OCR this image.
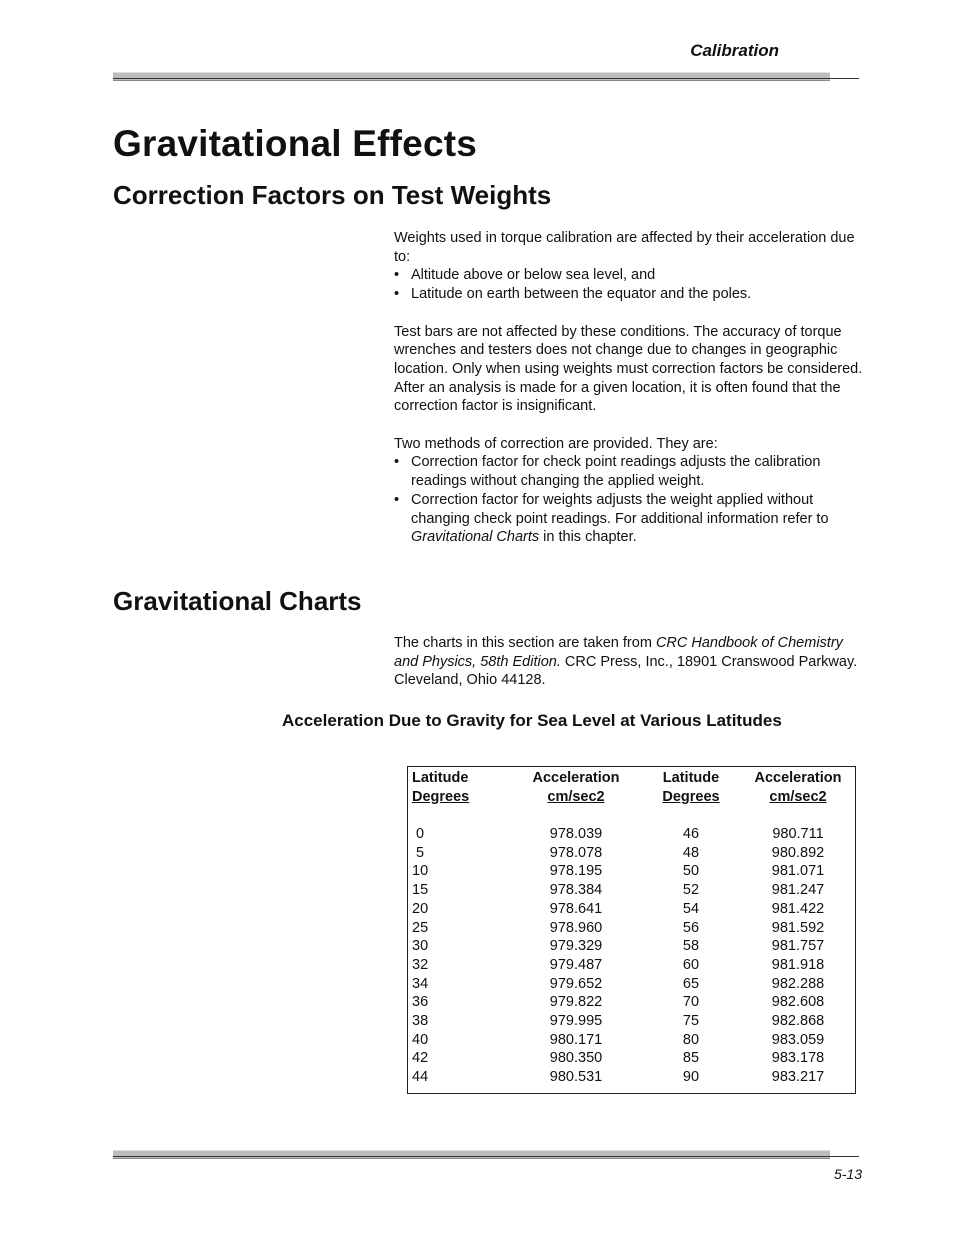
Calibration
Gravitational Effects
Correction Factors on Test Weights

Weights used in torque calibration are affected by their acceleration due to:

• Altitude above or below sea level, and
• Latitude on earth between the equator and the poles.

Test bars are not affected by these conditions. The accuracy of torque wrenches and testers does not change due to changes in geographic location. Only when using weights must correction factors be considered. After an analysis is made for a given location, it is often found that the correction factor is insignificant.

Two methods of correction are provided. They are:

• Correction factor for check point readings adjusts the calibration readings without changing the applied weight.
• Correction factor for weights adjusts the weight applied without changing check point readings. For additional information refer to Gravitational Charts in this chapter.
Gravitational Charts

The charts in this section are taken from CRC Handbook of Chemistry and Physics, 58th Edition. CRC Press, Inc., 18901 Cranswood Parkway. Cleveland, Ohio 44128.

Acceleration Due to Gravity for Sea Level at Various Latitudes
Latitude
Degrees
0
5
10
15
20
25
30
32
34
36
38
40
42
44
Acceleration
cm/sec2
978.039
978.078
978.195
978.384
978.641
978.960
979.329
979.487
979.652
979.822
979.995
980.171
980.350
980.531
Latitude
Degrees
46
48
50
52
54
56
58
60
65
70
75
80
85
90
Acceleration
cm/sec2
980.711
980.892
981.071
981.247
981.422
981.592
981.757
981.918
982.288
982.608
982.868
983.059
983.178
983.217
5-13
